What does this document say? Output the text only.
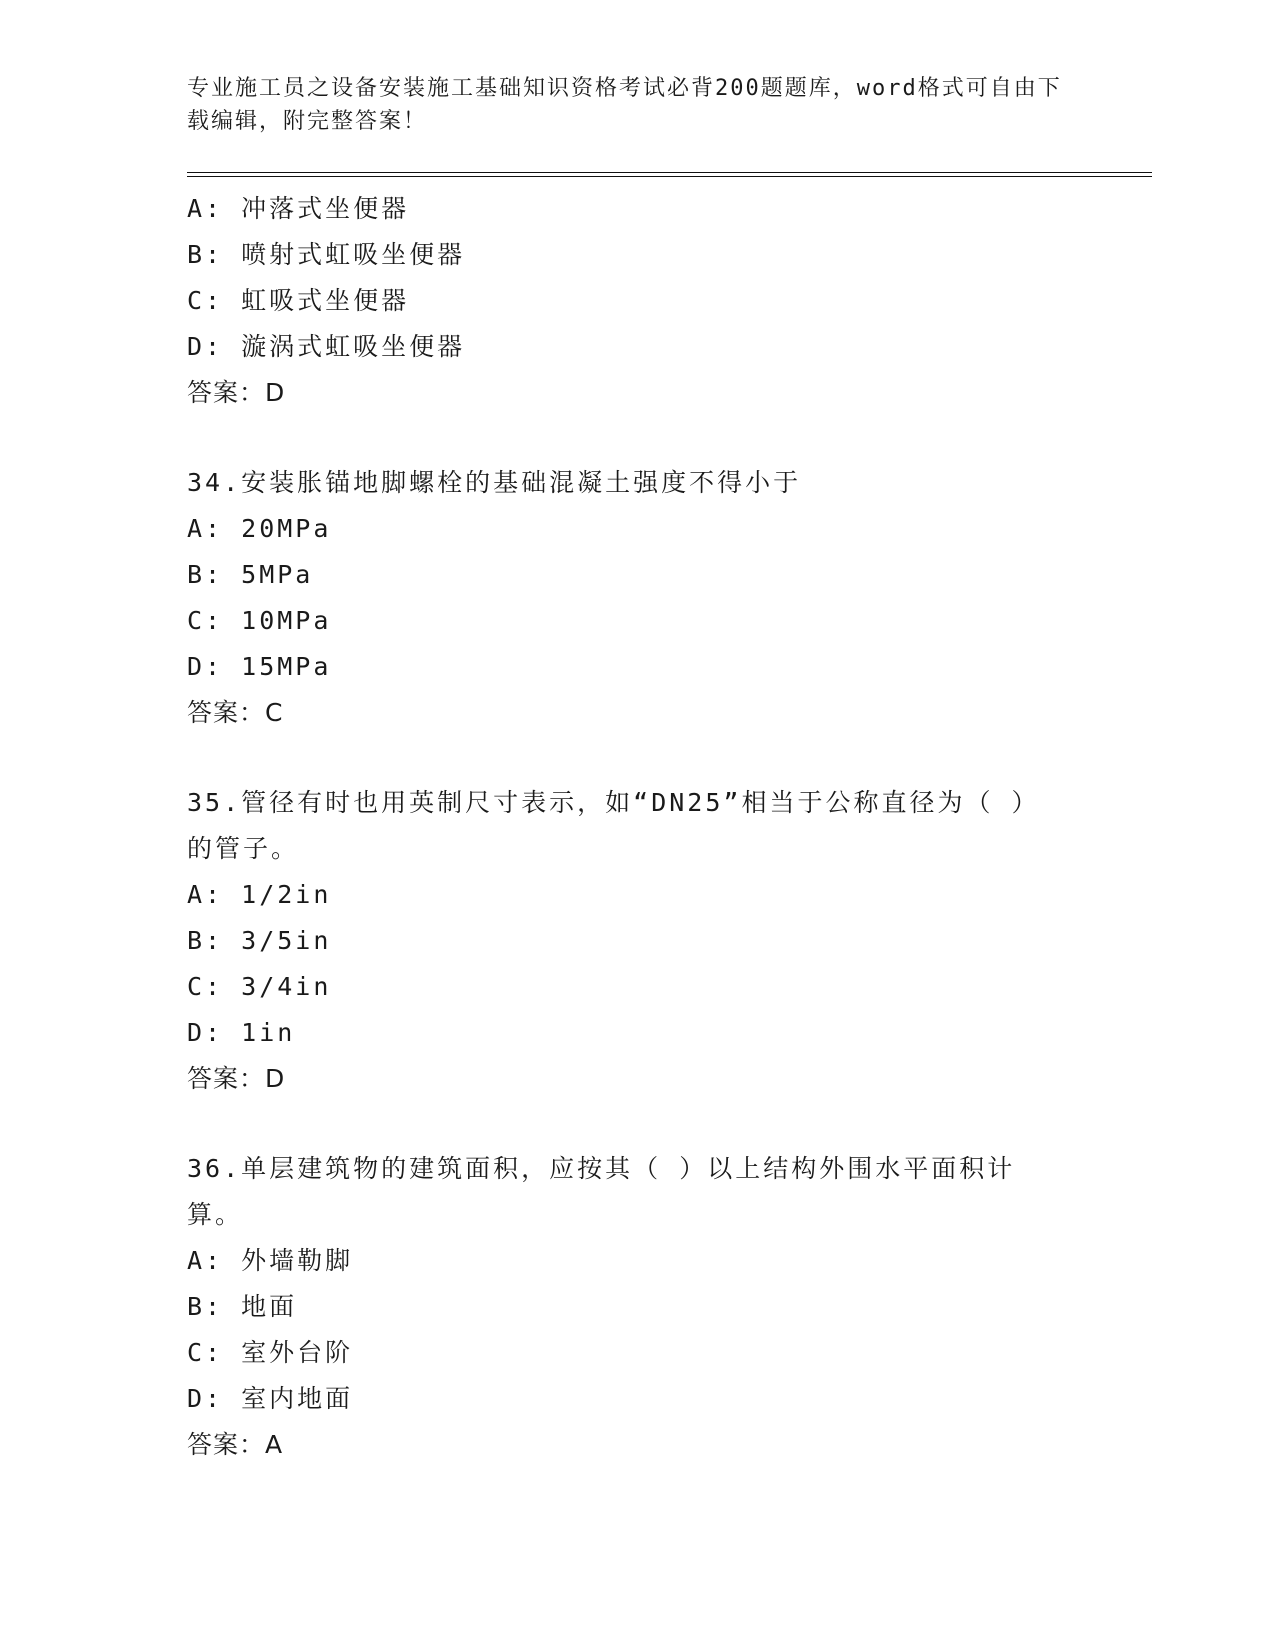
专业施工员之设备安装施工基础知识资格考试必背200题题库，word格式可自由下载编辑，附完整答案！
A: 冲落式坐便器
B: 喷射式虹吸坐便器
C: 虹吸式坐便器
D: 漩涡式虹吸坐便器
答案：D
34.安装胀锚地脚螺栓的基础混凝土强度不得小于
A: 20MPa
B: 5MPa
C: 10MPa
D: 15MPa
答案：C
35.管径有时也用英制尺寸表示，如“DN25”相当于公称直径为（ ）的管子。
A: 1/2in
B: 3/5in
C: 3/4in
D: 1in
答案：D
36.单层建筑物的建筑面积，应按其（ ）以上结构外围水平面积计算。
A: 外墙勒脚
B: 地面
C: 室外台阶
D: 室内地面
答案：A
